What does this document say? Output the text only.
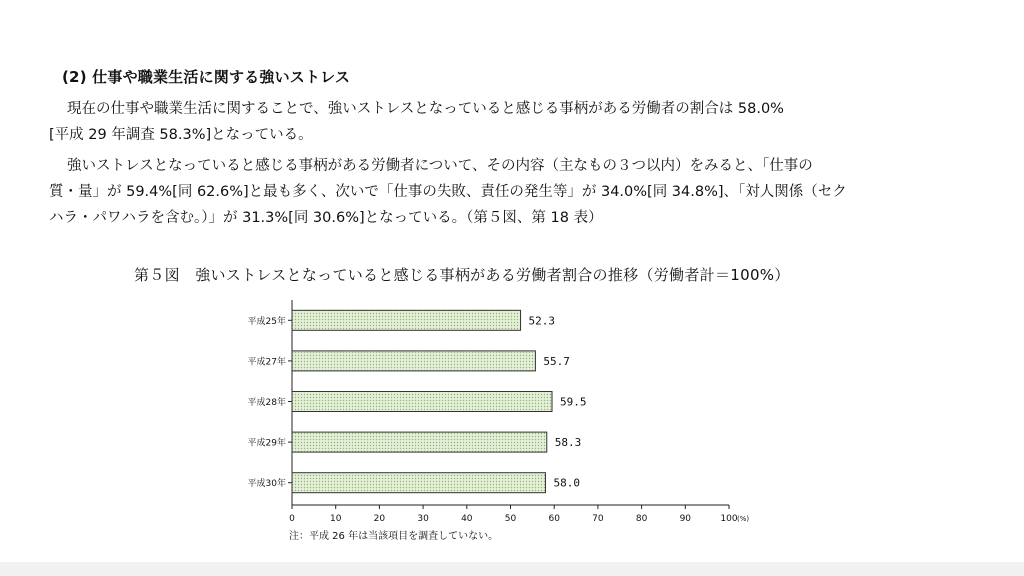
(2) 仕事や職業生活に関する強いストレス
現在の仕事や職業生活に関することで、強いストレスとなっていると感じる事柄がある労働者の割合は 58.0%
[平成 29 年調査 58.3%]となっている。
強いストレスとなっていると感じる事柄がある労働者について、その内容（主なもの３つ以内）をみると、「仕事の
質・量」が 59.4%[同 62.6%]と最も多く、次いで「仕事の失敗、責任の発生等」が 34.0%[同 34.8%]、「対人関係（セク
ハラ・パワハラを含む。）」が 31.3%[同 30.6%]となっている。（第５図、第 18 表）
第５図　強いストレスとなっていると感じる事柄がある労働者割合の推移（労働者計＝100%）
平成25年	52.3
平成27年	55.7
平成28年	59.5
平成29年	58.3
平成30年	58.0
0	10	20	30	40	50	60	70	80	90	100 (%)
注：平成 26 年は当該項目を調査していない。
